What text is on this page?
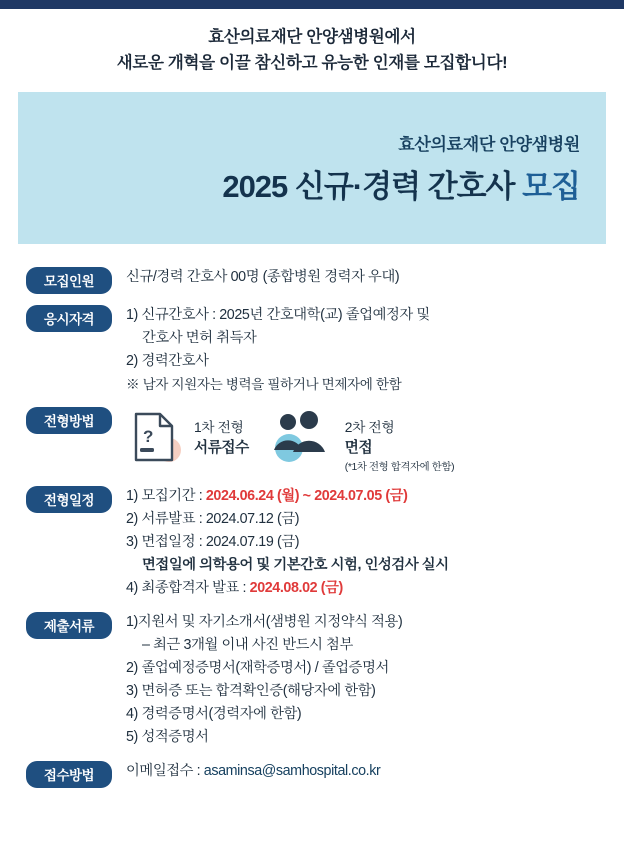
효산의료재단 안양샘병원에서
새로운 개혁을 이끌 참신하고 유능한 인재를 모집합니다!
효산의료재단 안양샘병원
2025 신규·경력 간호사 모집
모집인원	신규/경력 간호사 00명 (종합병원 경력자 우대)
응시자격	1) 신규간호사 : 2025년 간호대학(교) 졸업예정자 및
간호사 면허 취득자
2) 경력간호사
※ 남자 지원자는 병력을 필하거나 면제자에 한함
전형방법
?	1차 전형
서류접수
2차 전형
면접
(*1차 전형 합격자에 한함)
전형일정	1) 모집기간 : 2024.06.24 (월) ~ 2024.07.05 (금)
2) 서류발표 : 2024.07.12 (금)
3) 면접일정 : 2024.07.19 (금)
면접일에 의학용어 및 기본간호 시험, 인성검사 실시
4) 최종합격자 발표 : 2024.08.02 (금)
제출서류	1)지원서 및 자기소개서(샘병원 지정약식 적용)
– 최근 3개월 이내 사진 반드시 첨부
2) 졸업예정증명서(재학증명서) / 졸업증명서
3) 면허증 또는 합격확인증(해당자에 한함)
4) 경력증명서(경력자에 한함)
5) 성적증명서
접수방법	이메일접수 : asaminsa@samhospital.co.kr
